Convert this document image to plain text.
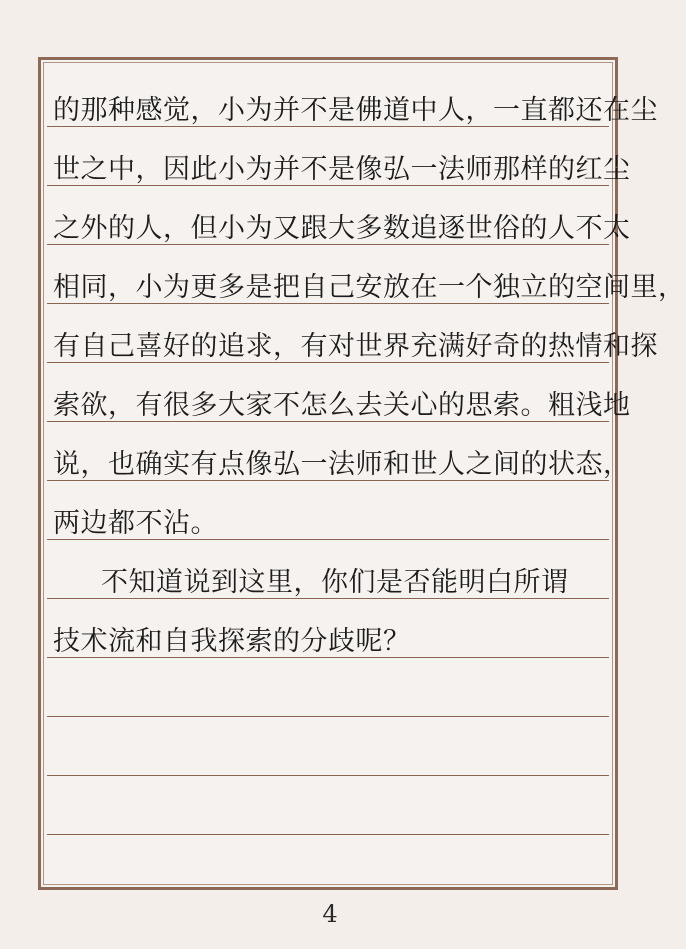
的那种感觉，小为并不是佛道中人，一直都还在尘
世之中，因此小为并不是像弘一法师那样的红尘
之外的人，但小为又跟大多数追逐世俗的人不太
相同，小为更多是把自己安放在一个独立的空间里，
有自己喜好的追求，有对世界充满好奇的热情和探
索欲，有很多大家不怎么去关心的思索。粗浅地
说，也确实有点像弘一法师和世人之间的状态，
两边都不沾。
不知道说到这里，你们是否能明白所谓
技术流和自我探索的分歧呢？
4
